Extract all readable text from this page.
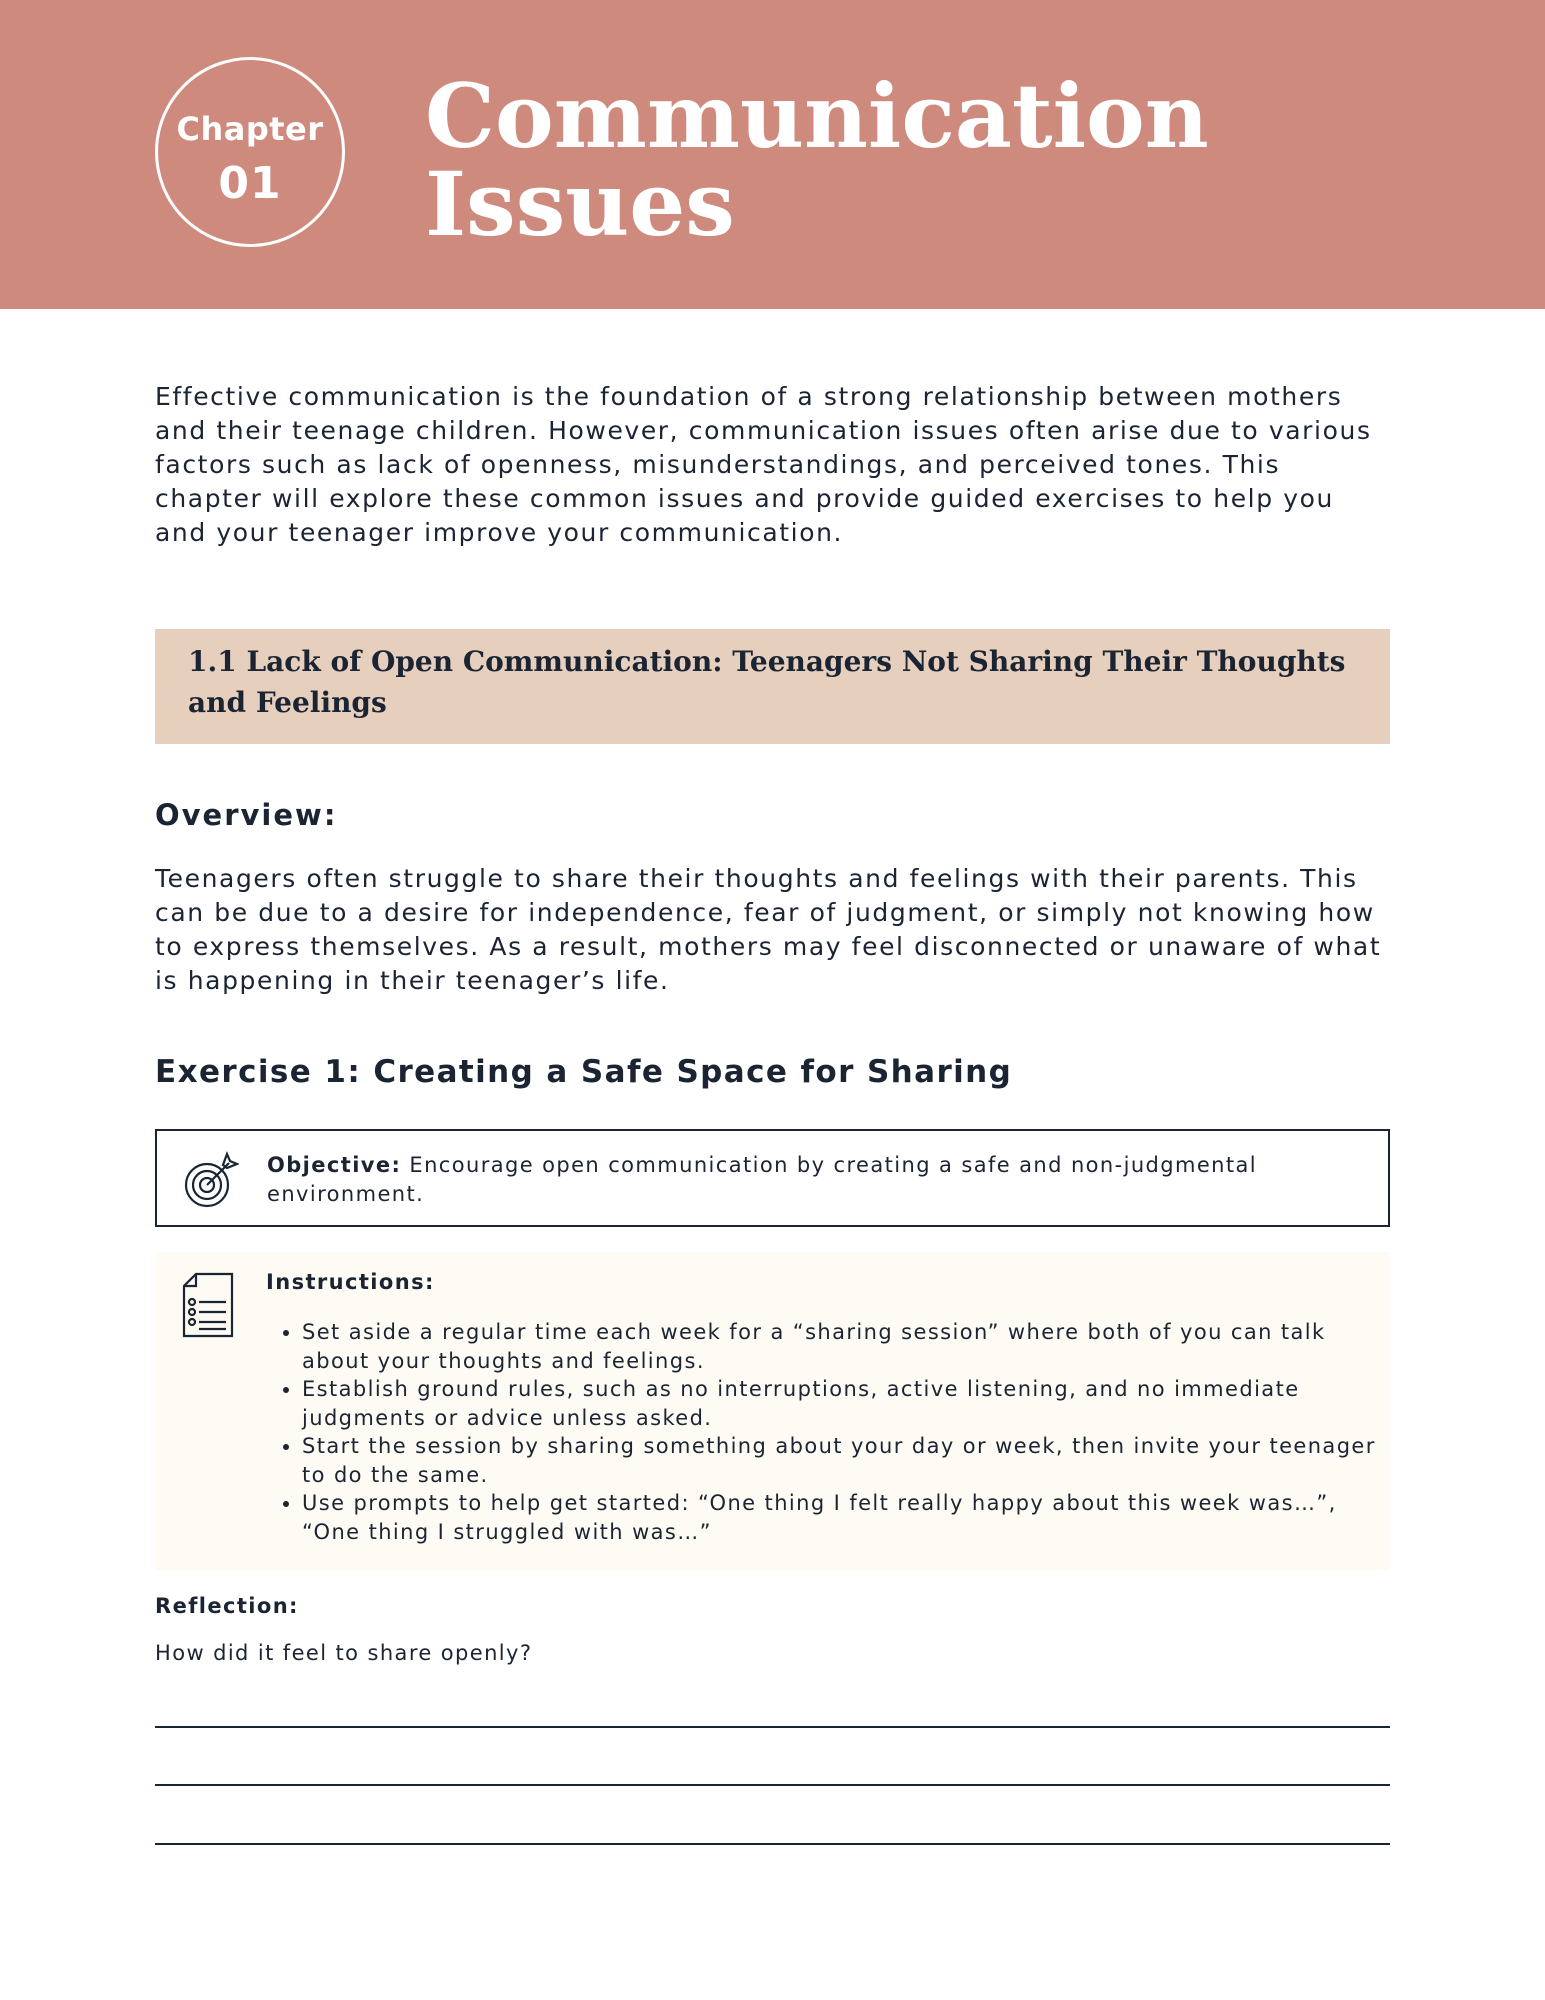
Chapter
01
Communication
Issues

Effective communication is the foundation of a strong relationship between mothers and their teenage children. However, communication issues often arise due to various factors such as lack of openness, misunderstandings, and perceived tones. This chapter will explore these common issues and provide guided exercises to help you and your teenager improve your communication.

1.1 Lack of Open Communication: Teenagers Not Sharing Their Thoughts and Feelings
Overview:

Teenagers often struggle to share their thoughts and feelings with their parents. This can be due to a desire for independence, fear of judgment, or simply not knowing how to express themselves. As a result, mothers may feel disconnected or unaware of what is happening in their teenager’s life.

Exercise 1: Creating a Safe Space for Sharing

Objective: Encourage open communication by creating a safe and non-judgmental environment.

Instructions:

• Set aside a regular time each week for a “sharing session” where both of you can talk about your thoughts and feelings.
• Establish ground rules, such as no interruptions, active listening, and no immediate judgments or advice unless asked.
• Start the session by sharing something about your day or week, then invite your teenager to do the same.
• Use prompts to help get started: “One thing I felt really happy about this week was…”, “One thing I struggled with was…”

Reflection:

How did it feel to share openly?
